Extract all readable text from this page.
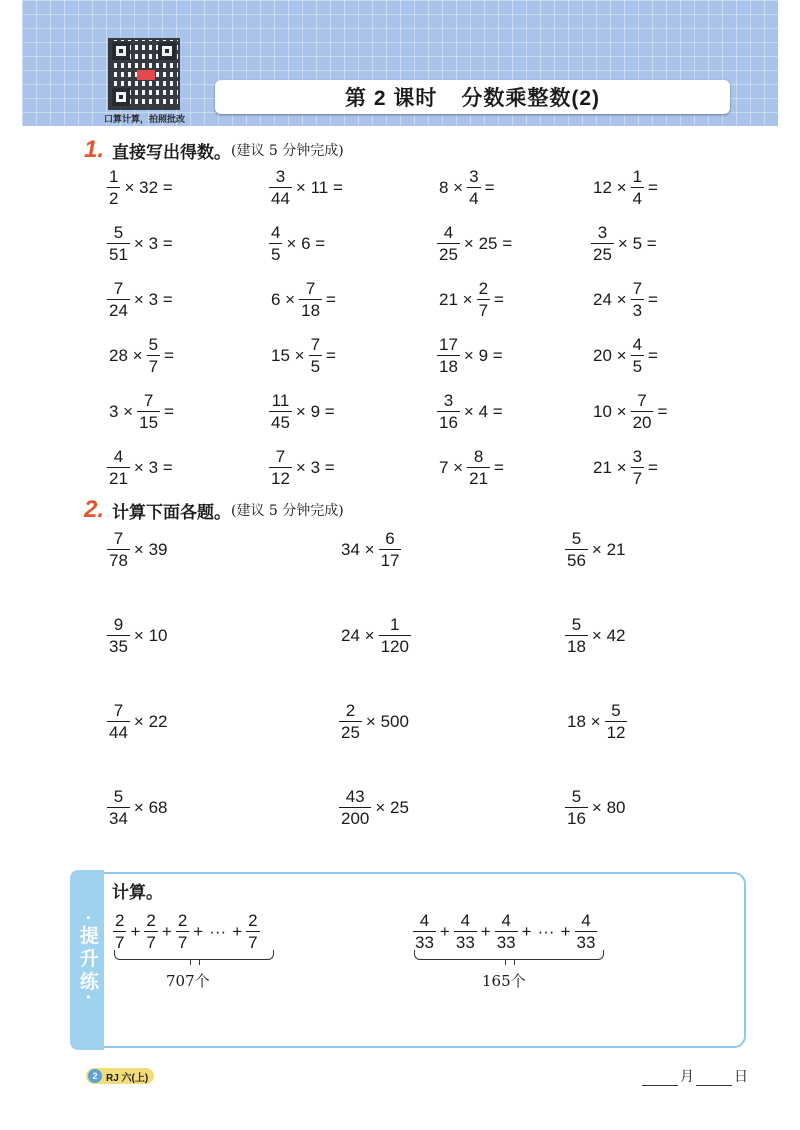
口算计算，拍照批改
第 2 课时 分数乘整数(2)
1. 直接写出得数。 (建议 5 分钟完成)
$\frac{1}{2} \times 32$ =	$\frac{3}{44} \times 11$ =	$8 \times \frac{3}{4}$ =	$12 \times \frac{1}{4}$ =
$\frac{5}{51} \times 3$ =	$\frac{4}{5} \times 6$ =	$\frac{4}{25} \times 25$ =	$\frac{3}{25} \times 5$ =
$\frac{7}{24} \times 3$ =	$6 \times \frac{7}{18}$ =	$21 \times \frac{2}{7}$ =	$24 \times \frac{7}{3}$ =
$28 \times \frac{5}{7}$ =	$15 \times \frac{7}{5}$ =	$\frac{17}{18} \times 9$ =	$20 \times \frac{4}{5}$ =
$3 \times \frac{7}{15}$ =	$\frac{11}{45} \times 9$ =	$\frac{3}{16} \times 4$ =	$10 \times \frac{7}{20}$ =
$\frac{4}{21} \times 3$ =	$\frac{7}{12} \times 3$ =	$7 \times \frac{8}{21}$ =	$21 \times \frac{3}{7}$ =
2. 计算下面各题。 (建议 5 分钟完成)
$\frac{7}{78} \times 39$	$34 \times \frac{6}{17}$	$\frac{5}{56} \times 21$
$\frac{9}{35} \times 10$	$24 \times \frac{1}{120}$	$\frac{5}{18} \times 42$
$\frac{7}{44} \times 22$	$\frac{2}{25} \times 500$	$18 \times \frac{5}{12}$
$\frac{5}{34} \times 68$	$\frac{43}{200} \times 25$	$\frac{5}{16} \times 80$
·提升练·
计算。
$\frac{2}{7} + \frac{2}{7} + \frac{2}{7}$ + ··· + $\frac{2}{7}$
707个
$\frac{4}{33} + \frac{4}{33} + \frac{4}{33}$ + ··· + $\frac{4}{33}$
165个
2 RJ 六(上)	月	日
